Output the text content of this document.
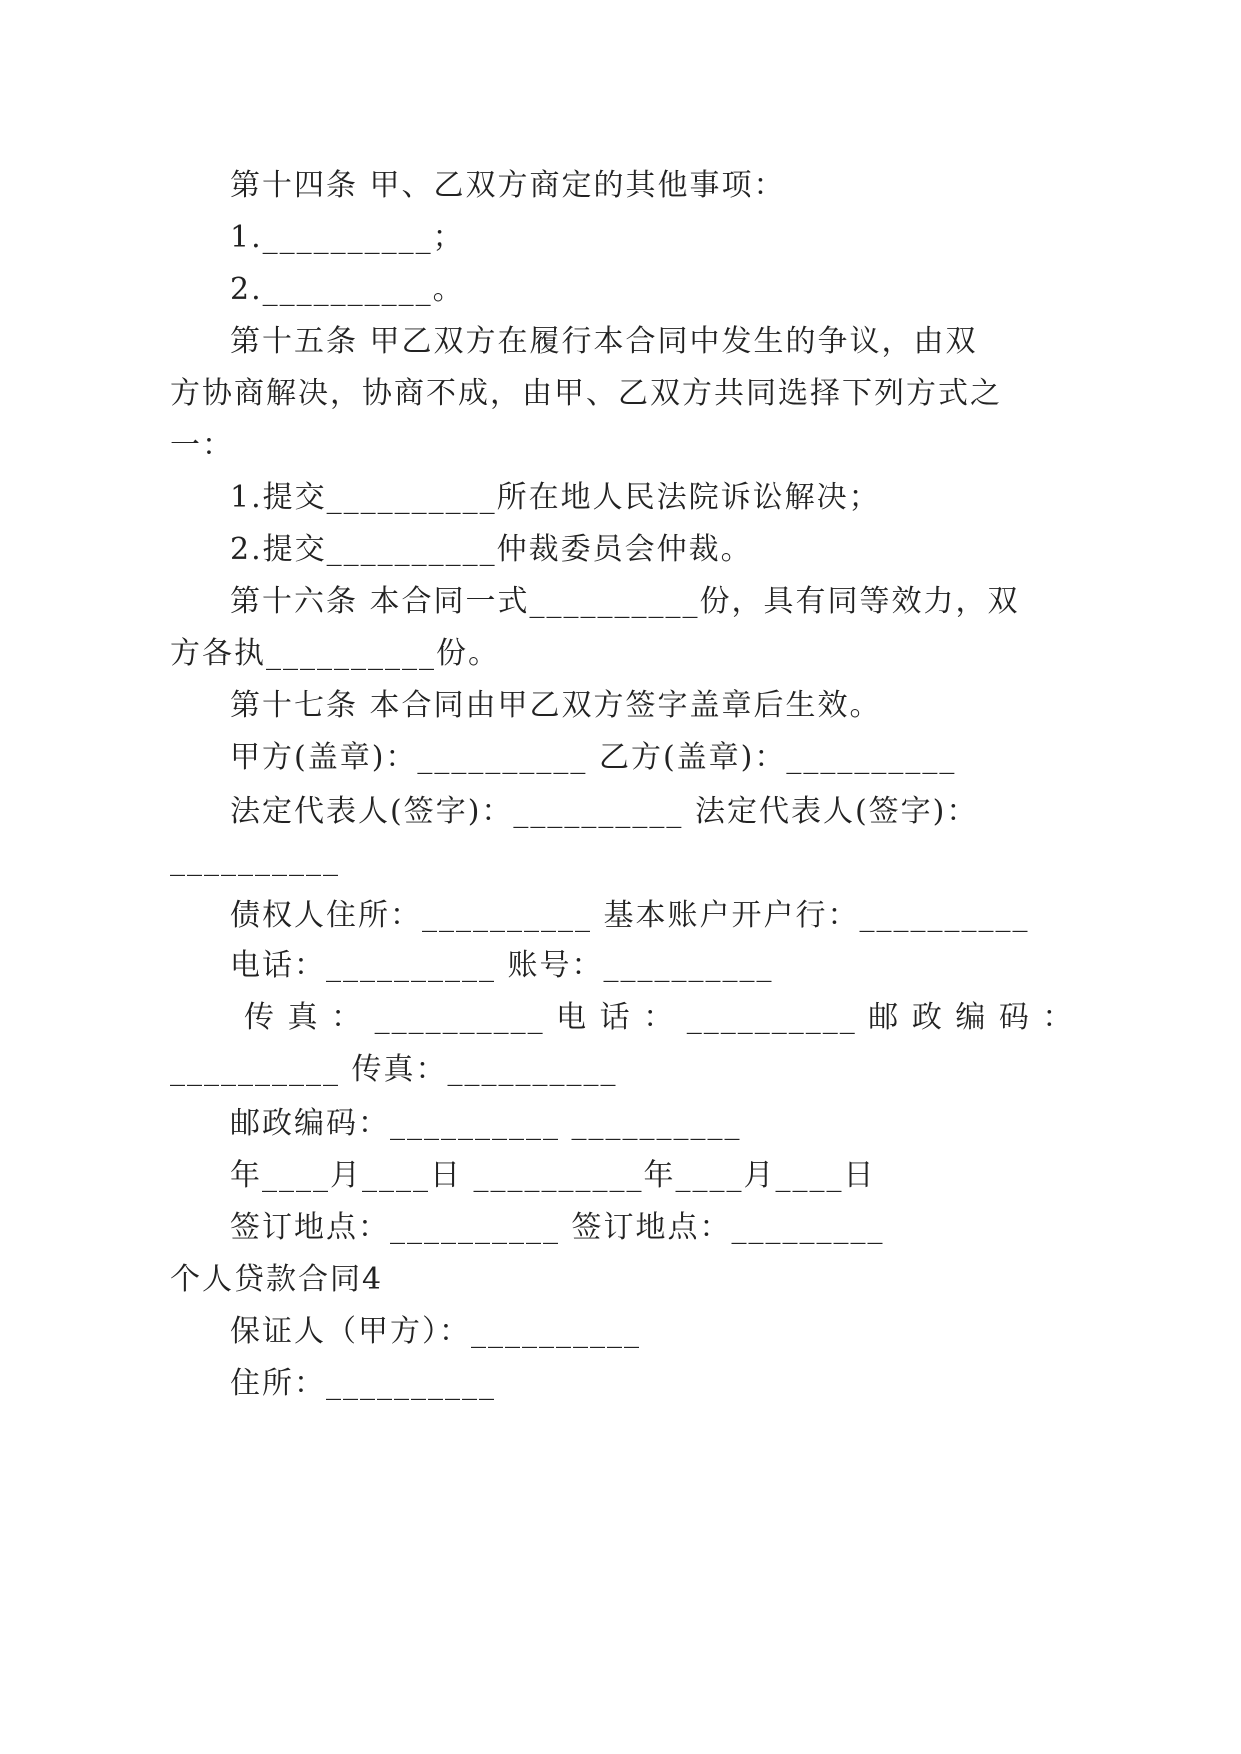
第十四条 甲、乙双方商定的其他事项：
1.__________；
2.__________。
第十五条 甲乙双方在履行本合同中发生的争议，由双
方协商解决，协商不成，由甲、乙双方共同选择下列方式之
一：
1.提交__________所在地人民法院诉讼解决；
2.提交__________仲裁委员会仲裁。
第十六条 本合同一式__________份，具有同等效力，双
方各执__________份。
第十七条 本合同由甲乙双方签字盖章后生效。
甲方(盖章)：__________ 乙方(盖章)：__________
法定代表人(签字)：__________ 法定代表人(签字)：
__________
债权人住所：__________ 基本账户开户行：__________
电话：__________ 账号：__________
传 真 ： __________ 电 话 ： __________ 邮 政 编 码 ：
__________ 传真：__________
邮政编码：__________ __________
年____月____日 __________年____月____日
签订地点：__________ 签订地点：_________
个人贷款合同4
保证人（甲方）：__________
住所：__________
